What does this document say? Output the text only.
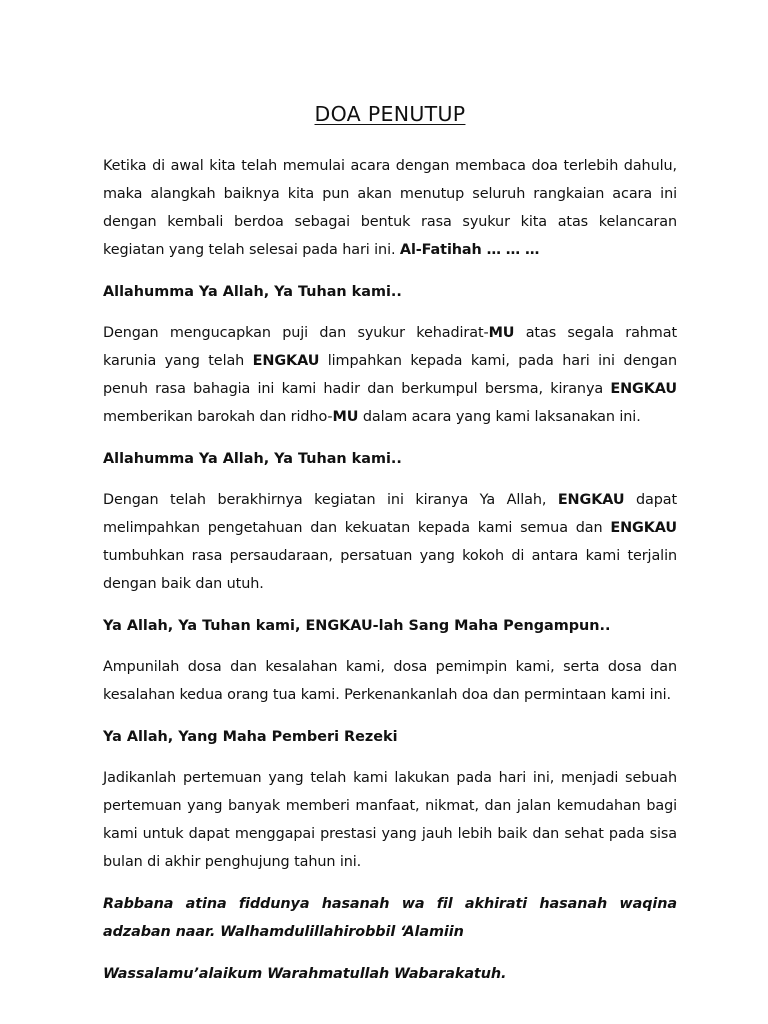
DOA PENUTUP

Ketika di awal kita telah memulai acara dengan membaca doa terlebih dahulu, maka alangkah baiknya kita pun akan menutup seluruh rangkaian acara ini dengan kembali berdoa sebagai bentuk rasa syukur kita atas kelancaran kegiatan yang telah selesai pada hari ini. Al-Fatihah … … …

Allahumma Ya Allah, Ya Tuhan kami..

Dengan mengucapkan puji dan syukur kehadirat-MU atas segala rahmat karunia yang telah ENGKAU limpahkan kepada kami, pada hari ini dengan penuh rasa bahagia ini kami hadir dan berkumpul bersma, kiranya ENGKAU memberikan barokah dan ridho-MU dalam acara yang kami laksanakan ini.

Allahumma Ya Allah, Ya Tuhan kami..

Dengan telah berakhirnya kegiatan ini kiranya Ya Allah, ENGKAU dapat melimpahkan pengetahuan dan kekuatan kepada kami semua dan ENGKAU tumbuhkan rasa persaudaraan, persatuan yang kokoh di antara kami terjalin dengan baik dan utuh.

Ya Allah, Ya Tuhan kami, ENGKAU-lah Sang Maha Pengampun..

Ampunilah dosa dan kesalahan kami, dosa pemimpin kami, serta dosa dan kesalahan kedua orang tua kami. Perkenankanlah doa dan permintaan kami ini.

Ya Allah, Yang Maha Pemberi Rezeki

Jadikanlah pertemuan yang telah kami lakukan pada hari ini, menjadi sebuah pertemuan yang banyak memberi manfaat, nikmat, dan jalan kemudahan bagi kami untuk dapat menggapai prestasi yang jauh lebih baik dan sehat pada sisa bulan di akhir penghujung tahun ini.

Rabbana atina fiddunya hasanah wa fil akhirati hasanah waqina adzaban naar. Walhamdulillahirobbil ‘Alamiin

Wassalamu’alaikum Warahmatullah Wabarakatuh.
